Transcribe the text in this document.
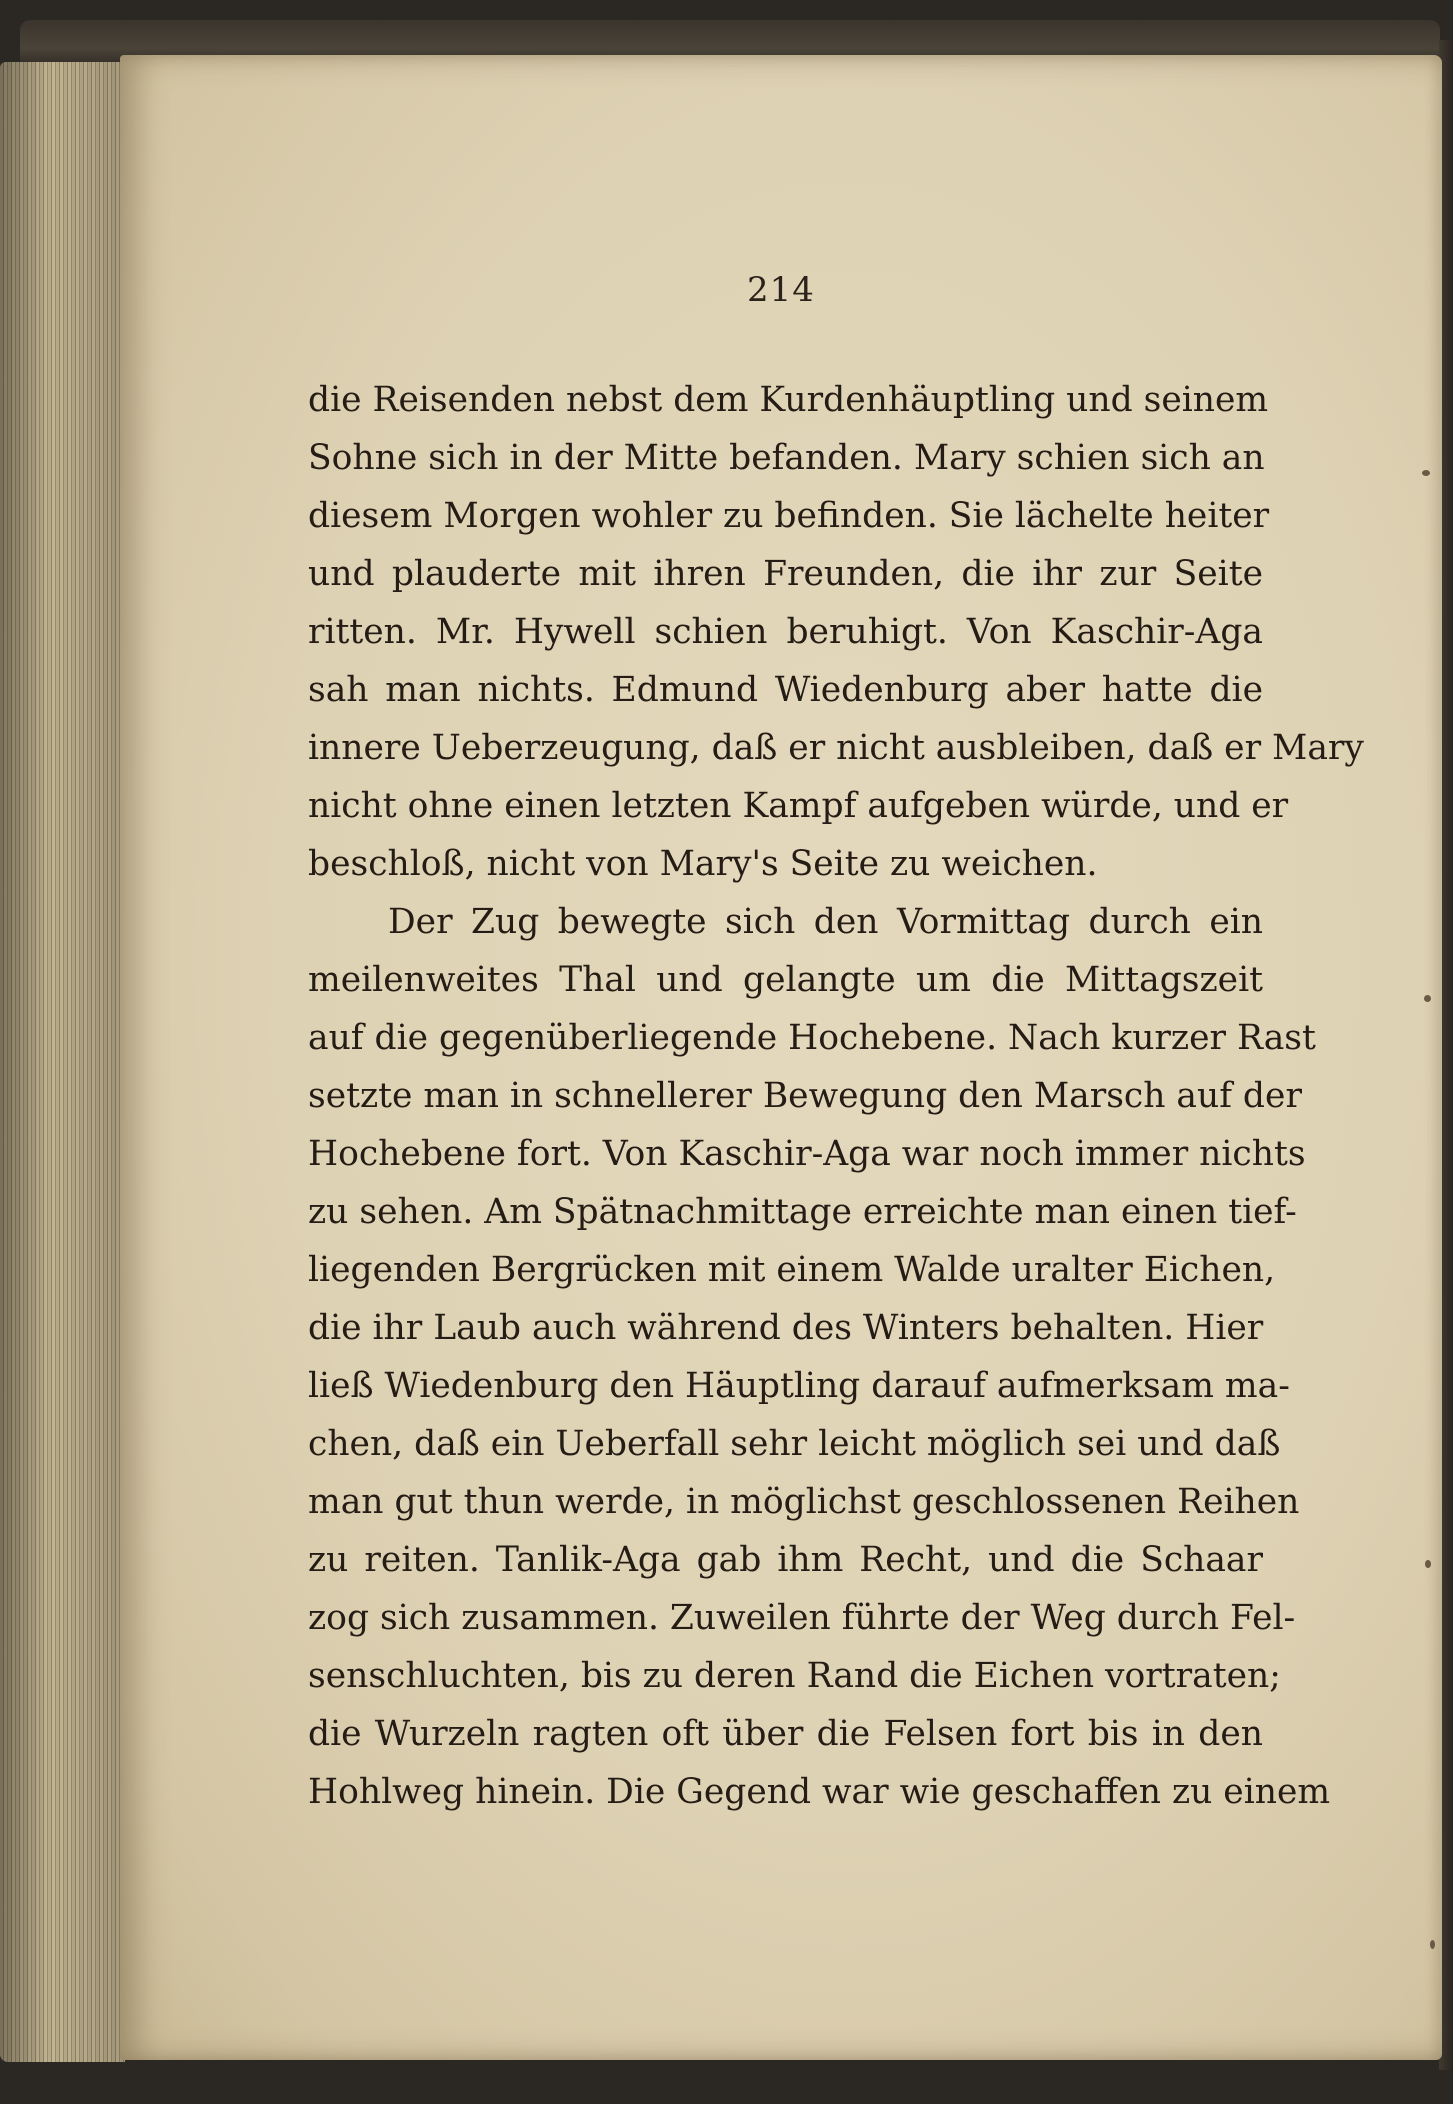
214
die Reisenden nebst dem Kurdenhäuptling und seinem
Sohne sich in der Mitte befanden. Mary schien sich an
diesem Morgen wohler zu befinden. Sie lächelte heiter
und plauderte mit ihren Freunden, die ihr zur Seite
ritten. Mr. Hywell schien beruhigt. Von Kaschir-Aga
sah man nichts. Edmund Wiedenburg aber hatte die
innere Ueberzeugung, daß er nicht ausbleiben, daß er Mary
nicht ohne einen letzten Kampf aufgeben würde, und er
beschloß, nicht von Mary's Seite zu weichen.
Der Zug bewegte sich den Vormittag durch ein
meilenweites Thal und gelangte um die Mittagszeit
auf die gegenüberliegende Hochebene. Nach kurzer Rast
setzte man in schnellerer Bewegung den Marsch auf der
Hochebene fort. Von Kaschir-Aga war noch immer nichts
zu sehen. Am Spätnachmittage erreichte man einen tief-
liegenden Bergrücken mit einem Walde uralter Eichen,
die ihr Laub auch während des Winters behalten. Hier
ließ Wiedenburg den Häuptling darauf aufmerksam ma-
chen, daß ein Ueberfall sehr leicht möglich sei und daß
man gut thun werde, in möglichst geschlossenen Reihen
zu reiten. Tanlik-Aga gab ihm Recht, und die Schaar
zog sich zusammen. Zuweilen führte der Weg durch Fel-
senschluchten, bis zu deren Rand die Eichen vortraten;
die Wurzeln ragten oft über die Felsen fort bis in den
Hohlweg hinein. Die Gegend war wie geschaffen zu einem
